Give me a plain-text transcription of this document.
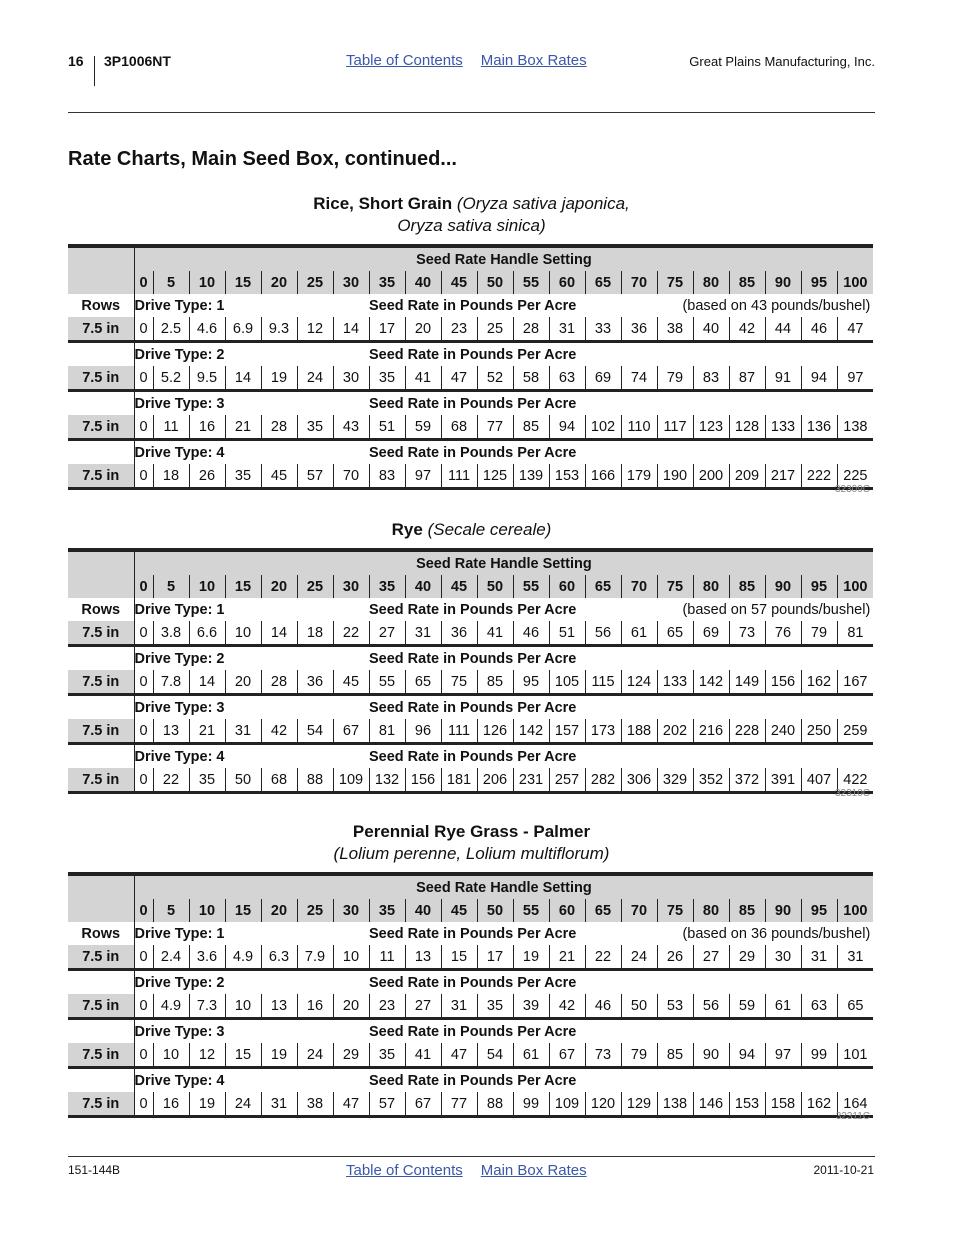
16 3P1006NT	Table of Contents Main Box Rates	Great Plains Manufacturing, Inc.
Rate Charts, Main Seed Box, continued...
Rice, Short Grain (Oryza sativa japonica,
Oryza sativa sinica)
	Seed Rate Handle Setting																				
	0	5	10	15	20	25	30	35	40	45	50	55	60	65	70	75	80	85	90	95	100
Rows	Drive Type: 1							Seed Rate in Pounds Per Acre								(based on 43 pounds/bushel)					
7.5 in	0	2.5	4.6	6.9	9.3	12	14	17	20	23	25	28	31	33	36	38	40	42	44	46	47
	Drive Type: 2							Seed Rate in Pounds Per Acre													
7.5 in	0	5.2	9.5	14	19	24	30	35	41	47	52	58	63	69	74	79	83	87	91	94	97
	Drive Type: 3							Seed Rate in Pounds Per Acre													
7.5 in	0	11	16	21	28	35	43	51	59	68	77	85	94	102	110	117	123	128	133	136	138
	Drive Type: 4							Seed Rate in Pounds Per Acre													
7.5 in	0	18	26	35	45	57	70	83	97	111	125	139	153	166	179	190	200	209	217	222	225
32309C
Rye (Secale cereale)
	Seed Rate Handle Setting																				
	0	5	10	15	20	25	30	35	40	45	50	55	60	65	70	75	80	85	90	95	100
Rows	Drive Type: 1							Seed Rate in Pounds Per Acre								(based on 57 pounds/bushel)					
7.5 in	0	3.8	6.6	10	14	18	22	27	31	36	41	46	51	56	61	65	69	73	76	79	81
	Drive Type: 2							Seed Rate in Pounds Per Acre													
7.5 in	0	7.8	14	20	28	36	45	55	65	75	85	95	105	115	124	133	142	149	156	162	167
	Drive Type: 3							Seed Rate in Pounds Per Acre													
7.5 in	0	13	21	31	42	54	67	81	96	111	126	142	157	173	188	202	216	228	240	250	259
	Drive Type: 4							Seed Rate in Pounds Per Acre													
7.5 in	0	22	35	50	68	88	109	132	156	181	206	231	257	282	306	329	352	372	391	407	422
32310C
Perennial Rye Grass - Palmer
(Lolium perenne, Lolium multiflorum)
	Seed Rate Handle Setting																				
	0	5	10	15	20	25	30	35	40	45	50	55	60	65	70	75	80	85	90	95	100
Rows	Drive Type: 1							Seed Rate in Pounds Per Acre								(based on 36 pounds/bushel)					
7.5 in	0	2.4	3.6	4.9	6.3	7.9	10	11	13	15	17	19	21	22	24	26	27	29	30	31	31
	Drive Type: 2							Seed Rate in Pounds Per Acre													
7.5 in	0	4.9	7.3	10	13	16	20	23	27	31	35	39	42	46	50	53	56	59	61	63	65
	Drive Type: 3							Seed Rate in Pounds Per Acre													
7.5 in	0	10	12	15	19	24	29	35	41	47	54	61	67	73	79	85	90	94	97	99	101
	Drive Type: 4							Seed Rate in Pounds Per Acre													
7.5 in	0	16	19	24	31	38	47	57	67	77	88	99	109	120	129	138	146	153	158	162	164
32311C
151-144B	Table of Contents Main Box Rates	2011-10-21
